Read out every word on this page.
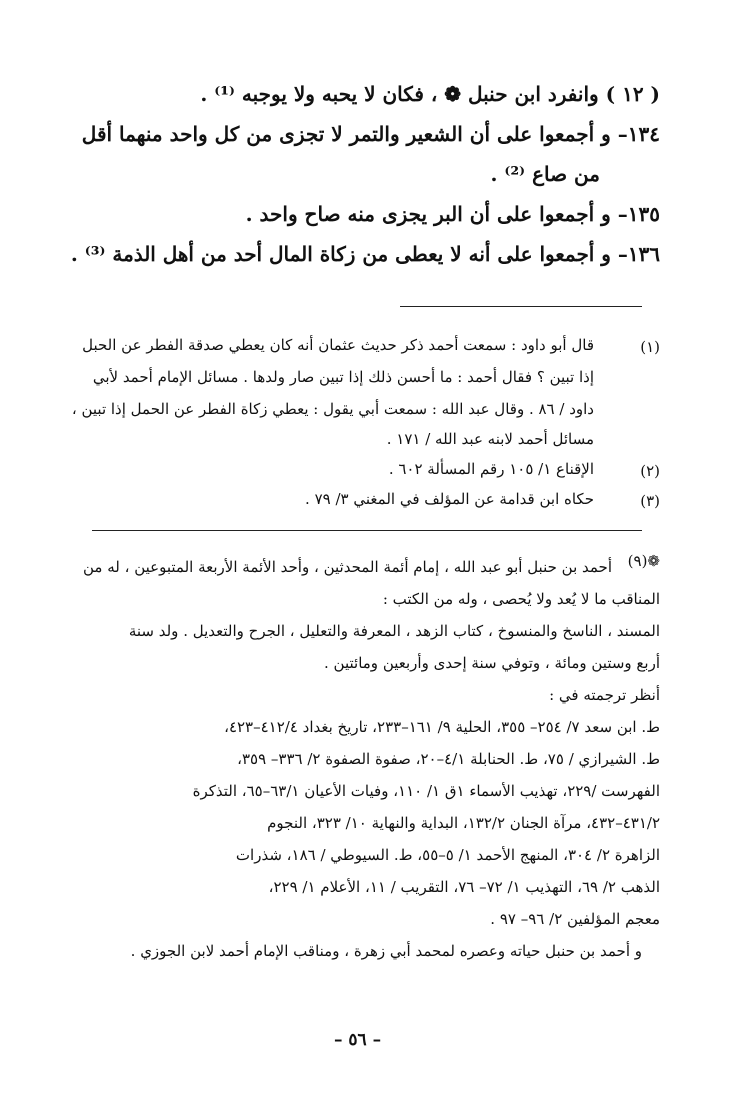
( ١٢ ) وانفرد ابن حنبل ❁ ، فكان لا يحبه ولا يوجبه ⁽¹⁾ .
١٣٤– و أجمعوا على أن الشعير والتمر لا تجزى من كل واحد منهما أقل
من صاع ⁽²⁾ .
١٣٥– و أجمعوا على أن البر يجزى منه صاح واحد .
١٣٦– و أجمعوا على أنه لا يعطى من زكاة المال أحد من أهل الذمة ⁽³⁾ .
(١)
قال أبو داود : سمعت أحمد ذكر حديث عثمان أنه كان يعطي صدقة الفطر عن الحبل
إذا تبين ؟ فقال أحمد : ما أحسن ذلك إذا تبين صار ولدها . مسائل الإمام أحمد لأبي
داود / ٨٦ . وقال عبد الله : سمعت أبي يقول : يعطي زكاة الفطر عن الحمل إذا تبين ،
مسائل أحمد لابنه عبد الله / ١٧١ .
(٢)
الإقناع ١/ ١٠٥ رقم المسألة ٦٠٢ .
(٣)
حكاه ابن قدامة عن المؤلف في المغني ٣/ ٧٩ .
❁(٩)
أحمد بن حنبل أبو عبد الله ، إمام أئمة المحدثين ، وأحد الأئمة الأربعة المتبوعين ، له من
المناقب ما لا يُعد ولا يُحصى ، وله من الكتب :
المسند ، الناسخ والمنسوخ ، كتاب الزهد ، المعرفة والتعليل ، الجرح والتعديل . ولد سنة
أربع وستين ومائة ، وتوفي سنة إحدى وأربعين ومائتين .
أنظر ترجمته في :
ط. ابن سعد ٧/ ٢٥٤– ٣٥٥، الحلية ٩/ ١٦١–٢٣٣، تاريخ بغداد ٤١٢/٤–٤٢٣،
ط. الشيرازي / ٧٥، ط. الحنابلة ٤/١–٢٠، صفوة الصفوة ٢/ ٣٣٦– ٣٥٩،
الفهرست /٢٢٩، تهذيب الأسماء ١ق ١/ ١١٠، وفيات الأعيان ٦٣/١–٦٥، التذكرة
٤٣١/٢–٤٣٢، مرآة الجنان ١٣٢/٢، البداية والنهاية ١٠/ ٣٢٣، النجوم
الزاهرة ٢/ ٣٠٤، المنهج الأحمد ١/ ٥–٥٥، ط. السيوطي / ١٨٦، شذرات
الذهب ٢/ ٦٩، التهذيب ١/ ٧٢– ٧٦، التقريب / ١١، الأعلام ١/ ٢٢٩،
معجم المؤلفين ٢/ ٩٦– ٩٧ .
و أحمد بن حنبل حياته وعصره لمحمد أبي زهرة ، ومناقب الإمام أحمد لابن الجوزي .
– ٥٦ –
